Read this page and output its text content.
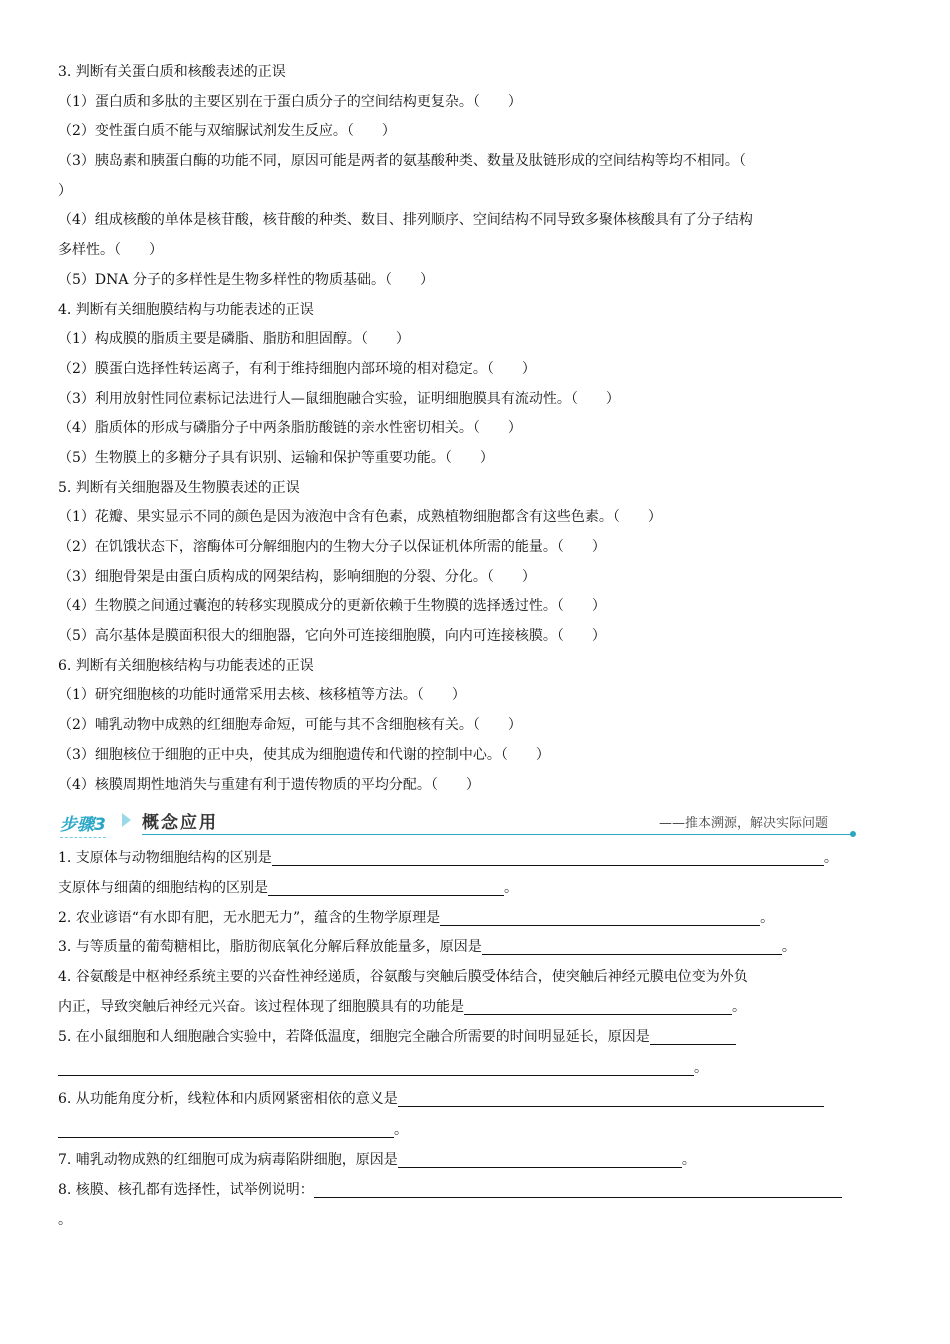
3. 判断有关蛋白质和核酸表述的正误
（1）蛋白质和多肽的主要区别在于蛋白质分子的空间结构更复杂。（　　）
（2）变性蛋白质不能与双缩脲试剂发生反应。（　　）
（3）胰岛素和胰蛋白酶的功能不同，原因可能是两者的氨基酸种类、数量及肽链形成的空间结构等均不相同。（
）
（4）组成核酸的单体是核苷酸，核苷酸的种类、数目、排列顺序、空间结构不同导致多聚体核酸具有了分子结构
多样性。（　　）
（5）DNA 分子的多样性是生物多样性的物质基础。（　　）
4. 判断有关细胞膜结构与功能表述的正误
（1）构成膜的脂质主要是磷脂、脂肪和胆固醇。（　　）
（2）膜蛋白选择性转运离子，有利于维持细胞内部环境的相对稳定。（　　）
（3）利用放射性同位素标记法进行人—鼠细胞融合实验，证明细胞膜具有流动性。（　　）
（4）脂质体的形成与磷脂分子中两条脂肪酸链的亲水性密切相关。（　　）
（5）生物膜上的多糖分子具有识别、运输和保护等重要功能。（　　）
5. 判断有关细胞器及生物膜表述的正误
（1）花瓣、果实显示不同的颜色是因为液泡中含有色素，成熟植物细胞都含有这些色素。（　　）
（2）在饥饿状态下，溶酶体可分解细胞内的生物大分子以保证机体所需的能量。（　　）
（3）细胞骨架是由蛋白质构成的网架结构，影响细胞的分裂、分化。（　　）
（4）生物膜之间通过囊泡的转移实现膜成分的更新依赖于生物膜的选择透过性。（　　）
（5）高尔基体是膜面积很大的细胞器，它向外可连接细胞膜，向内可连接核膜。（　　）
6. 判断有关细胞核结构与功能表述的正误
（1）研究细胞核的功能时通常采用去核、核移植等方法。（　　）
（2）哺乳动物中成熟的红细胞寿命短，可能与其不含细胞核有关。（　　）
（3）细胞核位于细胞的正中央，使其成为细胞遗传和代谢的控制中心。（　　）
（4）核膜周期性地消失与重建有利于遗传物质的平均分配。（　　）
步骤3 概念应用	——推本溯源，解决实际问题
1. 支原体与动物细胞结构的区别是	。
支原体与细菌的细胞结构的区别是	。
2. 农业谚语“有水即有肥，无水肥无力”，蕴含的生物学原理是	。
3. 与等质量的葡萄糖相比，脂肪彻底氧化分解后释放能量多，原因是	。
4. 谷氨酸是中枢神经系统主要的兴奋性神经递质，谷氨酸与突触后膜受体结合，使突触后神经元膜电位变为外负
内正，导致突触后神经元兴奋。该过程体现了细胞膜具有的功能是	。
5. 在小鼠细胞和人细胞融合实验中，若降低温度，细胞完全融合所需要的时间明显延长，原因是
。
6. 从功能角度分析，线粒体和内质网紧密相依的意义是
。
7. 哺乳动物成熟的红细胞可成为病毒陷阱细胞，原因是	。
8. 核膜、核孔都有选择性，试举例说明：
。
